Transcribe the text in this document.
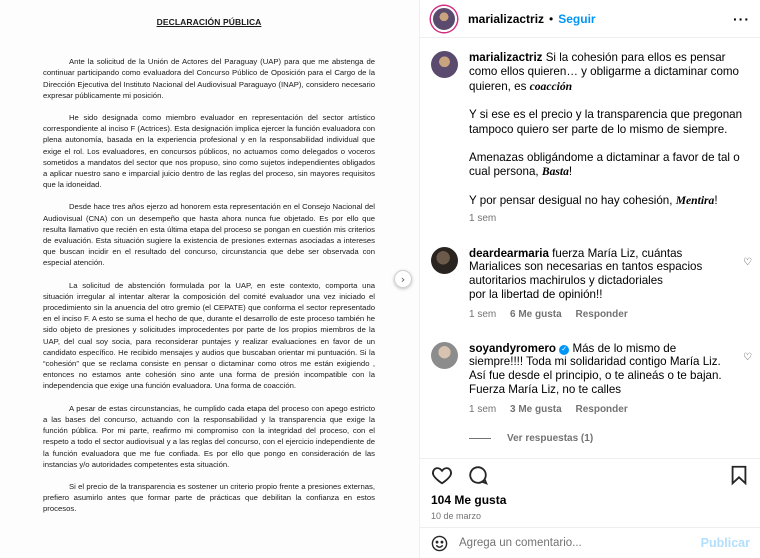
DECLARACIÓN PÚBLICA

Ante la solicitud de la Unión de Actores del Paraguay (UAP) para que me abstenga de continuar participando como evaluadora del Concurso Público de Oposición para el Cargo de la Dirección Ejecutiva del Instituto Nacional del Audiovisual Paraguayo (INAP), considero necesario expresar públicamente mi posición.

He sido designada como miembro evaluador en representación del sector artístico correspondiente al inciso F (Actrices). Esta designación implica ejercer la función evaluadora con plena autonomía, basada en la experiencia profesional y en la responsabilidad individual que exige el rol. Los evaluadores, en concursos públicos, no actuamos como delegados o voceros sometidos a mandatos del sector que nos propuso, sino como sujetos independientes obligados a aplicar nuestro sano e imparcial juicio dentro de las reglas del proceso, sin mayores requisitos que la idoneidad.

Desde hace tres años ejerzo ad honorem esta representación en el Consejo Nacional del Audiovisual (CNA) con un desempeño que hasta ahora nunca fue objetado. Es por ello que resulta llamativo que recién en esta última etapa del proceso se pongan en cuestión mis criterios de evaluación. Esta situación sugiere la existencia de presiones externas asociadas a intereses que buscan incidir en el resultado del concurso, circunstancia que debe ser observada con especial atención.

La solicitud de abstención formulada por la UAP, en este contexto, comporta una situación irregular al intentar alterar la composición del comité evaluador una vez iniciado el procedimiento sin la anuencia del otro gremio (el CEPATE) que conforma el sector representado en el inciso F. A esto se suma el hecho de que, durante el desarrollo de este proceso también he sido objeto de presiones y solicitudes improcedentes por parte de los propios miembros de la UAP, del cual soy socia, para reconsiderar puntajes y realizar evaluaciones en favor de un candidato específico. He recibido mensajes y audios que buscaban orientar mi puntuación. Si la “cohesión” que se reclama consiste en pensar o dictaminar como otros me están exigiendo , entonces no estamos ante cohesión sino ante una forma de presión incompatible con la independencia que exige una función evaluadora. Una forma de coacción.

A pesar de estas circunstancias, he cumplido cada etapa del proceso con apego estricto a las bases del concurso, actuando con la responsabilidad y la transparencia que exige la función pública. Por mi parte, reafirmo mi compromiso con la integridad del proceso, con el respeto a todo el sector audiovisual y a las reglas del concurso, con el ejercicio independiente de la función evaluadora que me fue confiada. Es por ello que pongo en consideración de las instancias y/o autoridades competentes esta situación.

Si el precio de la transparencia es sostener un criterio propio frente a presiones externas, prefiero asumirlo antes que formar parte de prácticas que debilitan la confianza en estos procesos.

›
marializactriz • Seguir	···

marializactriz Si la cohesión para ellos es pensar como ellos quieren… y obligarme a dictaminar como quieren, es coacción

Y si ese es el precio y la transparencia que pregonan tampoco quiero ser parte de lo mismo de siempre.

Amenazas obligándome a dictaminar a favor de tal o cual persona, Basta!

Y por pensar desigual no hay cohesión, Mentira!

1 sem
deardearmaria fuerza María Liz, cuántas Marialices son necesarias en tantos espacios autoritarios machirulos y dictadoriales
por la libertad de opinión!!
1 sem 6 Me gusta Responder
♡
soyandyromero ✓ Más de lo mismo de siempre!!!! Toda mi solidaridad contigo María Liz. Así fue desde el principio, o te alineás o te bajan. Fuerza María Liz, no te calles
1 sem 3 Me gusta Responder
♡
Ver respuestas (1)
104 Me gusta
10 de marzo
Agrega un comentario...
Publicar
